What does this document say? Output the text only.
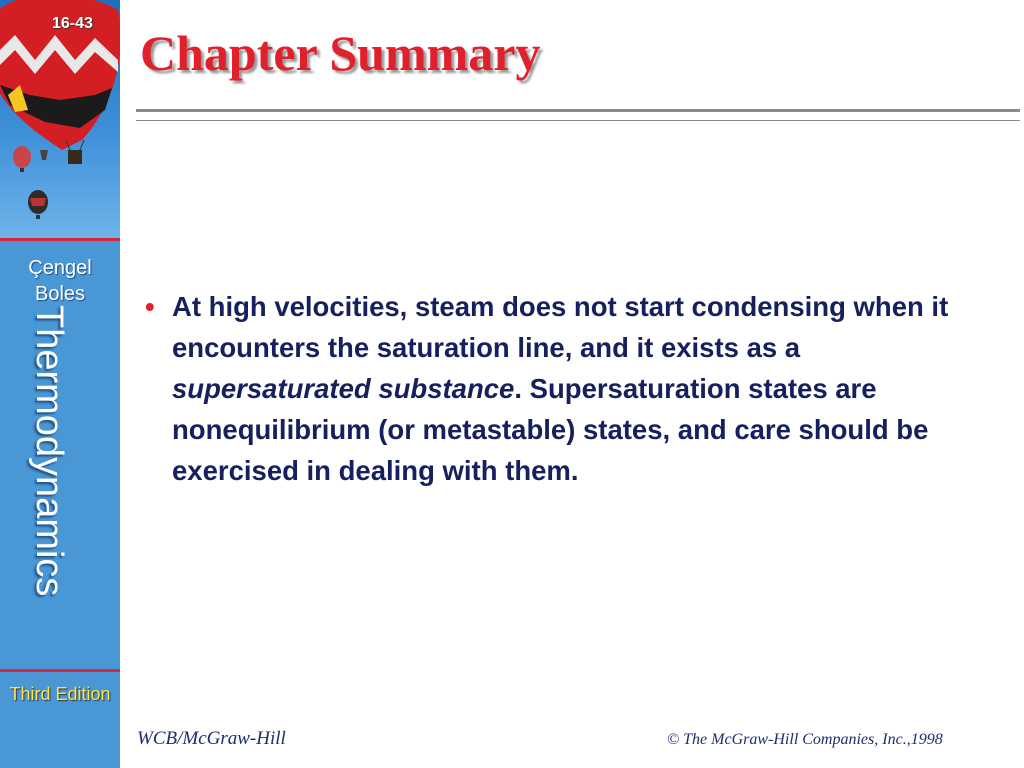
16-43
Çengel
Boles
Thermodynamics
Third Edition
Chapter Summary
• At high velocities, steam does not start condensing when it encounters the saturation line, and it exists as a supersaturated substance. Supersaturation states are nonequilibrium (or metastable) states, and care should be exercised in dealing with them.
WCB/McGraw-Hill	© The McGraw-Hill Companies, Inc.,1998
